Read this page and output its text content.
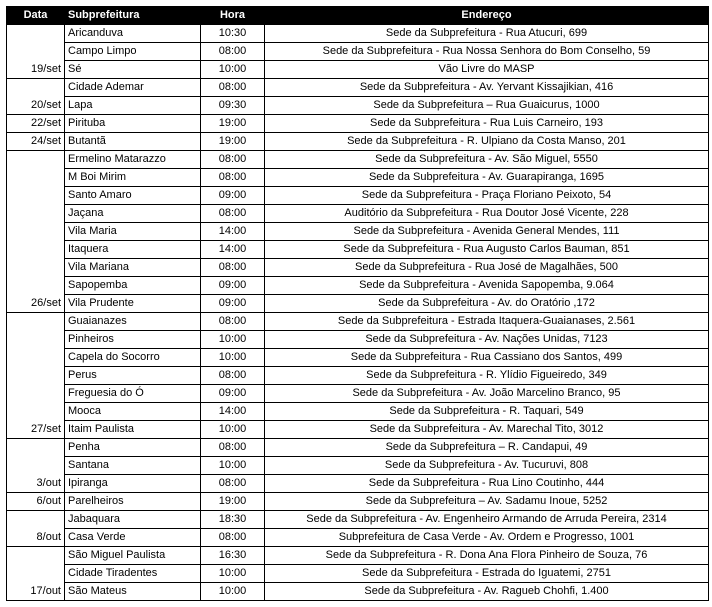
Data	Subprefeitura	Hora	Endereço
19/set	Aricanduva	10:30	Sede da Subprefeitura - Rua Atucuri, 699
	Campo Limpo	08:00	Sede da Subprefeitura - Rua Nossa Senhora do Bom Conselho, 59
	Sé	10:00	Vão Livre do MASP
20/set	Cidade Ademar	08:00	Sede da Subprefeitura - Av. Yervant Kissajikian, 416
	Lapa	09:30	Sede da Subprefeitura – Rua Guaicurus, 1000
22/set	Pirituba	19:00	Sede da Subprefeitura - Rua Luis Carneiro, 193
24/set	Butantã	19:00	Sede da Subprefeitura - R. Ulpiano da Costa Manso, 201
26/set	Ermelino Matarazzo	08:00	Sede da Subprefeitura - Av. São Miguel, 5550
	M Boi Mirim	08:00	Sede da Subprefeitura - Av. Guarapiranga, 1695
	Santo Amaro	09:00	Sede da Subprefeitura - Praça Floriano Peixoto, 54
	Jaçana	08:00	Auditório da Subprefeitura - Rua Doutor José Vicente, 228
	Vila Maria	14:00	Sede da Subprefeitura - Avenida General Mendes, 111
	Itaquera	14:00	Sede da Subprefeitura - Rua Augusto Carlos Bauman, 851
	Vila Mariana	08:00	Sede da Subprefeitura - Rua José de Magalhães, 500
	Sapopemba	09:00	Sede da Subprefeitura - Avenida Sapopemba, 9.064
	Vila Prudente	09:00	Sede da Subprefeitura - Av. do Oratório ,172
27/set	Guaianazes	08:00	Sede da Subprefeitura - Estrada Itaquera-Guaianases, 2.561
	Pinheiros	10:00	Sede da Subprefeitura - Av. Nações Unidas, 7123
	Capela do Socorro	10:00	Sede da Subprefeitura - Rua Cassiano dos Santos, 499
	Perus	08:00	Sede da Subprefeitura - R. Ylídio Figueiredo, 349
	Freguesia do Ó	09:00	Sede da Subprefeitura - Av. João Marcelino Branco, 95
	Mooca	14:00	Sede da Subprefeitura - R. Taquari, 549
	Itaim Paulista	10:00	Sede da Subprefeitura - Av. Marechal Tito, 3012
3/out	Penha	08:00	Sede da Subprefeitura – R. Candapui, 49
	Santana	10:00	Sede da Subprefeitura - Av. Tucuruvi, 808
	Ipiranga	08:00	Sede da Subprefeitura - Rua Lino Coutinho, 444
6/out	Parelheiros	19:00	Sede da Subprefeitura – Av. Sadamu Inoue, 5252
8/out	Jabaquara	18:30	Sede da Subprefeitura - Av. Engenheiro Armando de Arruda Pereira, 2314
	Casa Verde	08:00	Subprefeitura de Casa Verde - Av. Ordem e Progresso, 1001
17/out	São Miguel Paulista	16:30	Sede da Subprefeitura - R. Dona Ana Flora Pinheiro de Souza, 76
	Cidade Tiradentes	10:00	Sede da Subprefeitura - Estrada do Iguatemi, 2751
	São Mateus	10:00	Sede da Subprefeitura - Av. Ragueb Chohfi, 1.400
